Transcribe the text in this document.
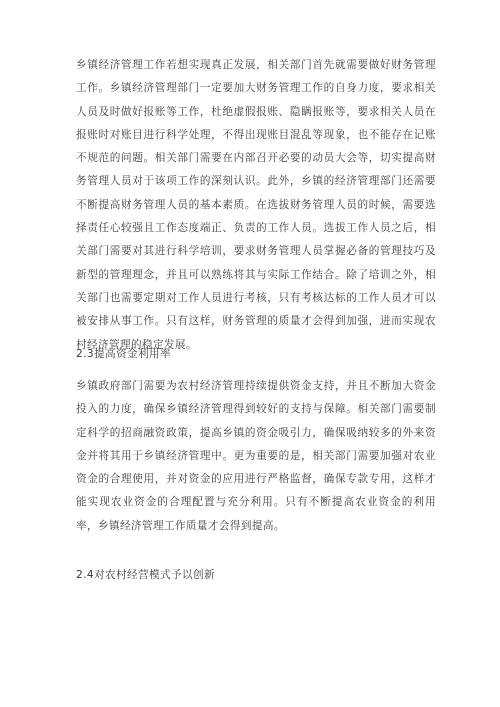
乡镇经济管理工作若想实现真正发展，相关部门首先就需要做好财务管理工作。乡镇经济管理部门一定要加大财务管理工作的自身力度，要求相关人员及时做好报账等工作，杜绝虚假报账、隐瞒报账等，要求相关人员在报账时对账目进行科学处理，不得出现账目混乱等现象，也不能存在记账不规范的问题。相关部门需要在内部召开必要的动员大会等，切实提高财务管理人员对于该项工作的深刻认识。此外，乡镇的经济管理部门还需要不断提高财务管理人员的基本素质。在选拔财务管理人员的时候，需要选择责任心较强且工作态度端正、负责的工作人员。选拔工作人员之后，相关部门需要对其进行科学培训，要求财务管理人员掌握必备的管理技巧及新型的管理理念，并且可以熟练将其与实际工作结合。除了培训之外，相关部门也需要定期对工作人员进行考核，只有考核达标的工作人员才可以被安排从事工作。只有这样，财务管理的质量才会得到加强，进而实现农村经济管理的稳定发展。

2.3提高资金利用率

乡镇政府部门需要为农村经济管理持续提供资金支持，并且不断加大资金投入的力度，确保乡镇经济管理得到较好的支持与保障。相关部门需要制定科学的招商融资政策，提高乡镇的资金吸引力，确保吸纳较多的外来资金并将其用于乡镇经济管理中。更为重要的是，相关部门需要加强对农业资金的合理使用，并对资金的应用进行严格监督，确保专款专用，这样才能实现农业资金的合理配置与充分利用。只有不断提高农业资金的利用率，乡镇经济管理工作质量才会得到提高。

2.4对农村经营模式予以创新
